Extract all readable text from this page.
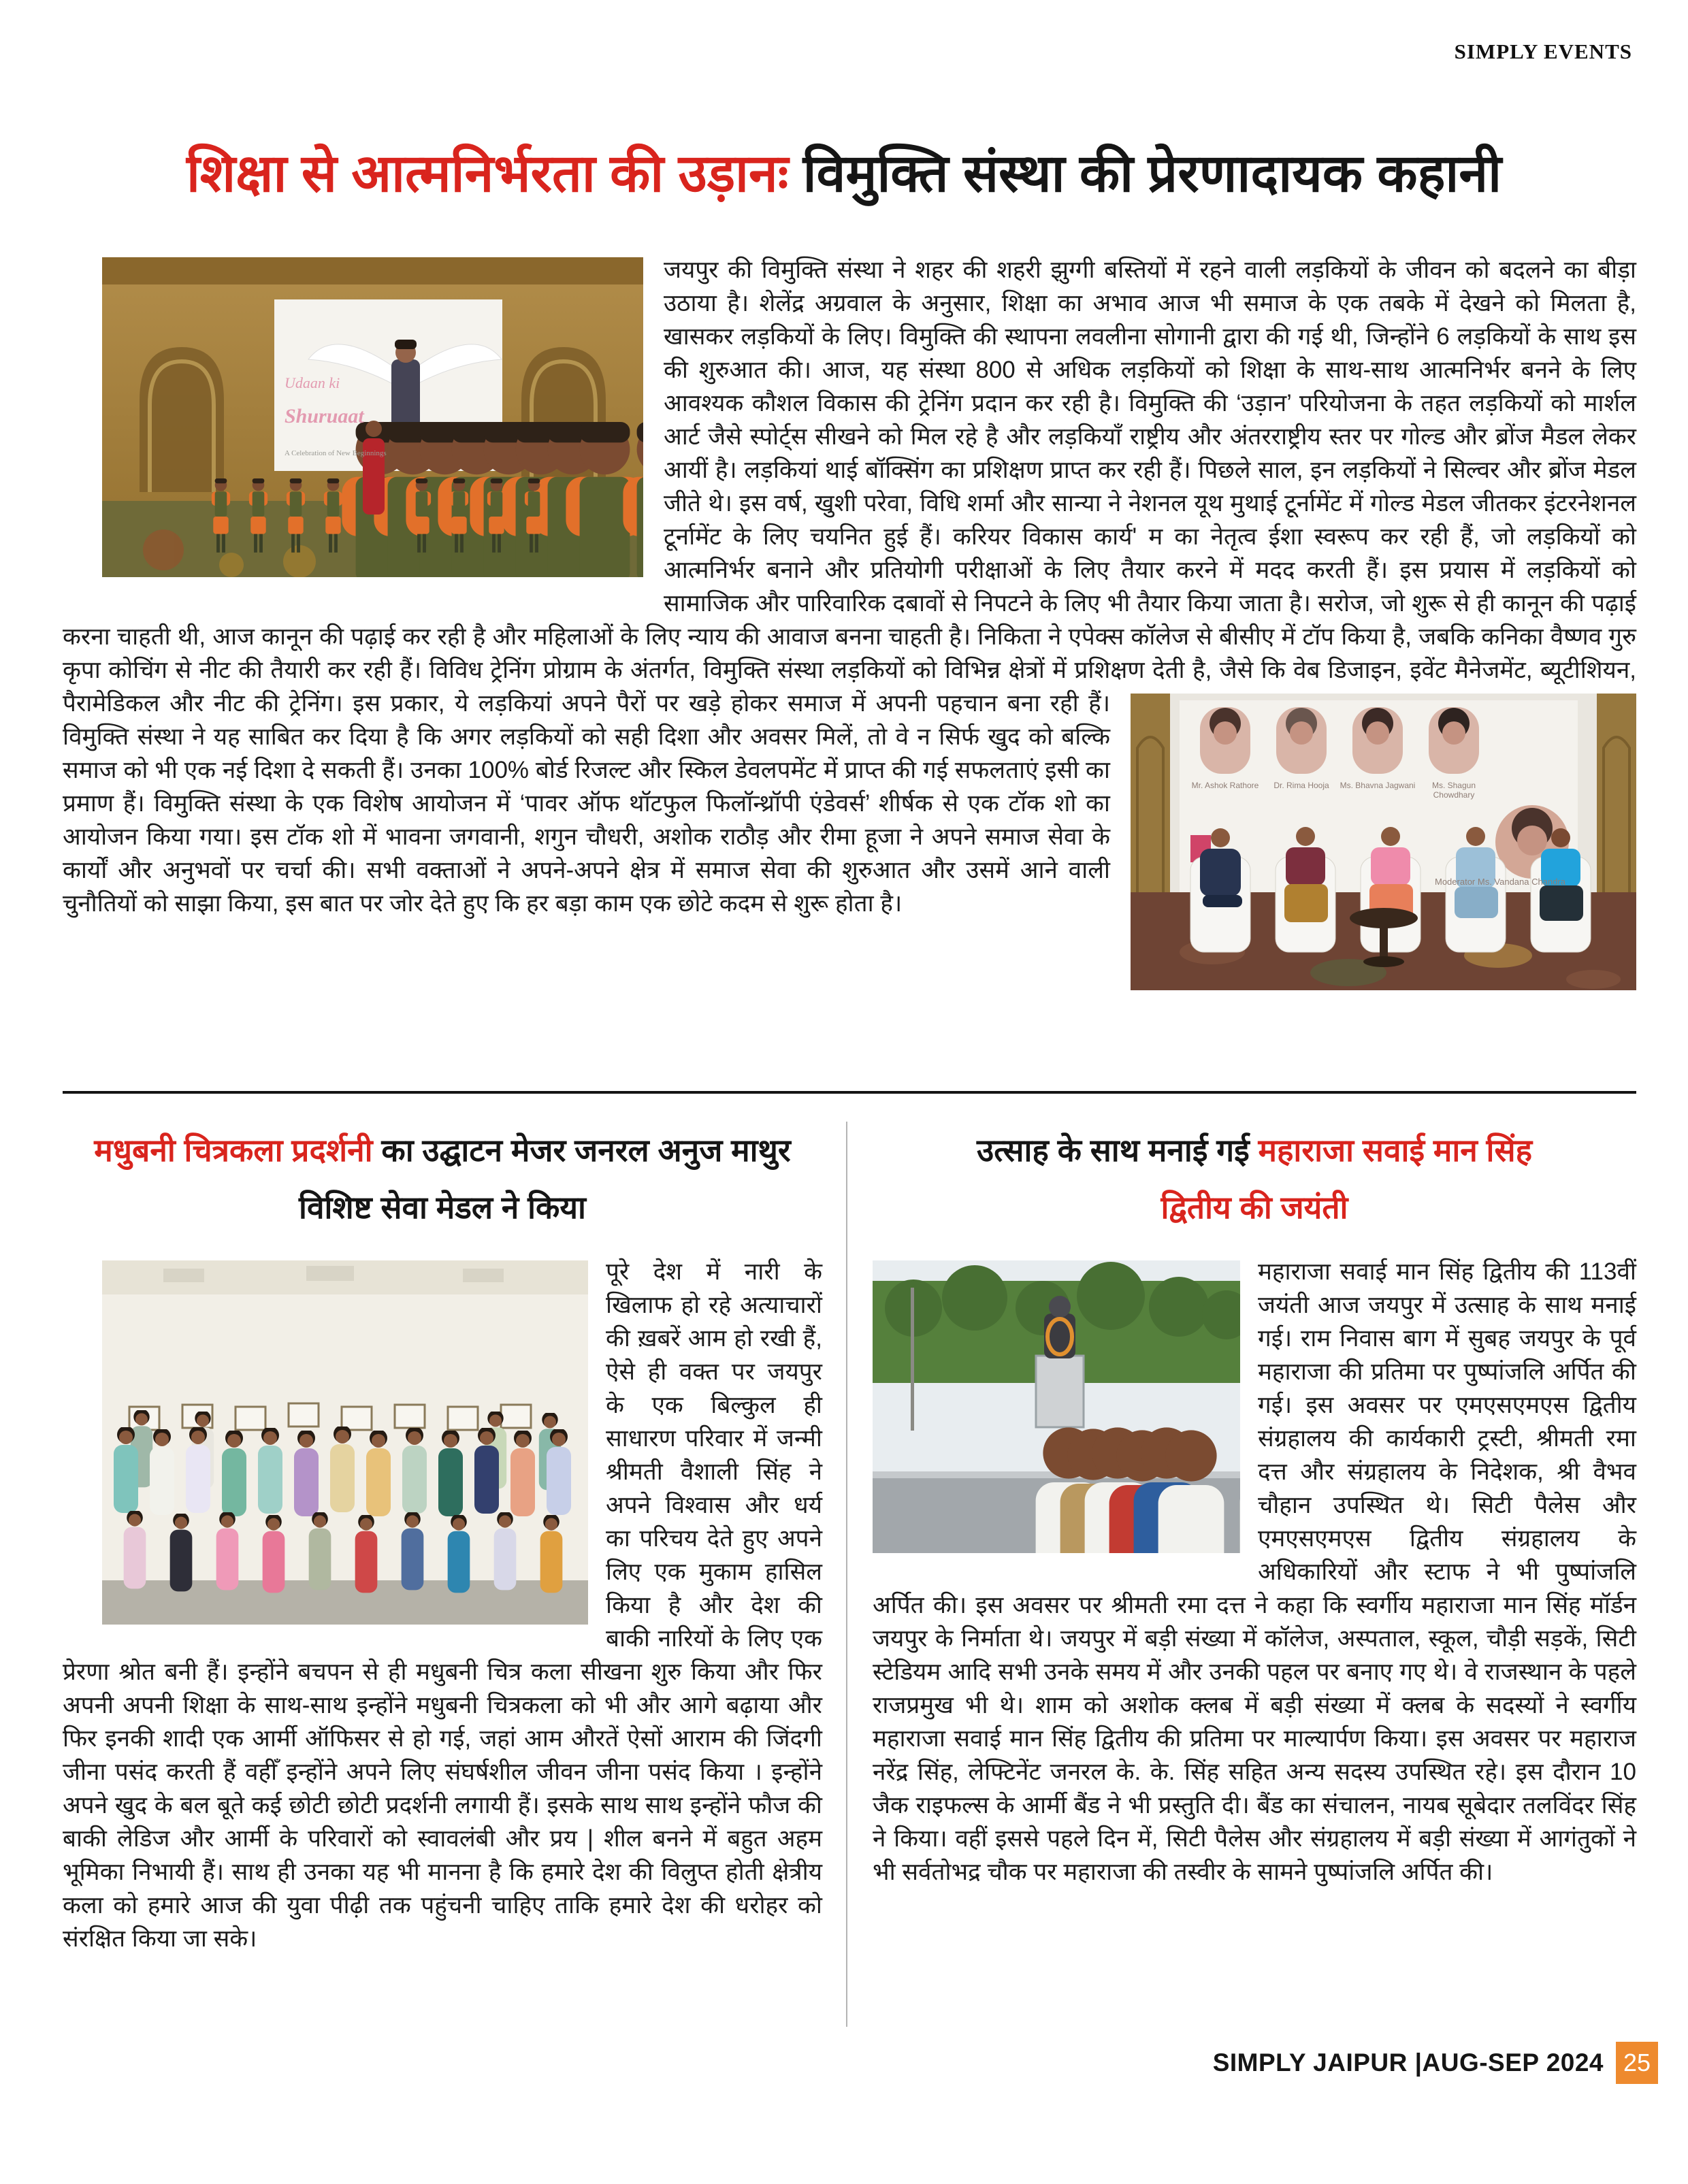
SIMPLY EVENTS
शिक्षा से आत्मनिर्भरता की उड़ानः विमुक्ति संस्था की प्रेरणादायक कहानी
Udaan ki
Shuruaat
A Celebration of New Beginnings
जयपुर की विमुक्ति संस्था ने शहर की शहरी झुग्गी बस्तियों में रहने वाली लड़कियों के जीवन को बदलने का बीड़ा उठाया है। शेलेंद्र अग्रवाल के अनुसार, शिक्षा का अभाव आज भी समाज के एक तबके में देखने को मिलता है, खासकर लड़कियों के लिए। विमुक्ति की स्थापना लवलीना सोगानी द्वारा की गई थी, जिन्होंने 6 लड़कियों के साथ इस की शुरुआत की। आज, यह संस्था 800 से अधिक लड़कियों को शिक्षा के साथ-साथ आत्मनिर्भर बनने के लिए आवश्यक कौशल विकास की ट्रेनिंग प्रदान कर रही है। विमुक्ति की ‘उड़ान’ परियोजना के तहत लड़कियों को मार्शल आर्ट जैसे स्पोर्ट्स सीखने को मिल रहे है और लड़कियाँ राष्ट्रीय और अंतरराष्ट्रीय स्तर पर गोल्ड और ब्रोंज मैडल लेकर आयीं है। लड़कियां थाई बॉक्सिंग का प्रशिक्षण प्राप्त कर रही हैं। पिछले साल, इन लड़कियों ने सिल्वर और ब्रोंज मेडल जीते थे। इस वर्ष, खुशी परेवा, विधि शर्मा और सान्या ने नेशनल यूथ मुथाई टूर्नामेंट में गोल्ड मेडल जीतकर इंटरनेशनल टूर्नामेंट के लिए चयनित हुई हैं। करियर विकास कार्य' म का नेतृत्व ईशा स्वरूप कर रही हैं, जो लड़कियों को आत्मनिर्भर बनाने और प्रतियोगी परीक्षाओं के लिए तैयार करने में मदद करती हैं। इस प्रयास में लड़कियों को सामाजिक और पारिवारिक दबावों से निपटने के लिए भी तैयार किया जाता है। सरोज, जो शुरू से ही कानून की पढ़ाई करना चाहती थी, आज कानून की पढ़ाई कर रही है और महिलाओं के लिए न्याय की आवाज बनना चाहती है। निकिता ने एपेक्स कॉलेज से बीसीए में टॉप किया है, जबकि कनिका वैष्णव गुरु कृपा कोचिंग से नीट की तैयारी कर रही हैं। विविध ट्रेनिंग प्रोग्राम के अंतर्गत, विमुक्ति संस्था लड़कियों को विभिन्न क्षेत्रों में प्रशिक्षण देती है, जैसे कि
Mr. Ashok Rathore	Dr. Rima Hooja	Ms. Bhavna Jagwani	Ms. Shagun Chowdhary
Moderator Ms. Vandana Chandra
वेब डिजाइन, इवेंट मैनेजमेंट, ब्यूटीशियन, पैरामेडिकल और नीट की ट्रेनिंग। इस प्रकार, ये लड़कियां अपने पैरों पर खड़े होकर समाज में अपनी पहचान बना रही हैं। विमुक्ति संस्था ने यह साबित कर दिया है कि अगर लड़कियों को सही दिशा और अवसर मिलें, तो वे न सिर्फ खुद को बल्कि समाज को भी एक नई दिशा दे सकती हैं। उनका 100% बोर्ड रिजल्ट और स्किल डेवलपमेंट में प्राप्त की गई सफलताएं इसी का प्रमाण हैं। विमुक्ति संस्था के एक विशेष आयोजन में ‘पावर ऑफ थॉटफुल फिलॉन्थ्रॉपी एंडेवर्स’ शीर्षक से एक टॉक शो का आयोजन किया गया। इस टॉक शो में भावना जगवानी, शगुन चौधरी, अशोक राठौड़ और रीमा हूजा ने अपने समाज सेवा के कार्यों और अनुभवों पर चर्चा की। सभी वक्ताओं ने अपने-अपने क्षेत्र में समाज सेवा की शुरुआत और उसमें आने वाली चुनौतियों को साझा किया, इस बात पर जोर देते हुए कि हर बड़ा काम एक छोटे कदम से शुरू होता है।
मधुबनी चित्रकला प्रदर्शनी का उद्घाटन मेजर जनरल अनुज माथुर
विशिष्ट सेवा मेडल ने किया
पूरे देश में नारी के खिलाफ हो रहे अत्याचारों की ख़बरें आम हो रखी हैं, ऐसे ही वक्त पर जयपुर के एक बिल्कुल ही साधारण परिवार में जन्मी श्रीमती वैशाली सिंह ने अपने विश्वास और धर्य का परिचय देते हुए अपने लिए एक मुकाम हासिल किया है और देश की बाकी नारियों के लिए एक प्रेरणा श्रोत बनी हैं। इन्होंने बचपन से ही मधुबनी चित्र कला सीखना शुरु किया और फिर अपनी अपनी शिक्षा के साथ-साथ इन्होंने मधुबनी चित्रकला को भी और आगे बढ़ाया और फिर इनकी शादी एक आर्मी ऑफिसर से हो गई, जहां आम औरतें ऐसों आराम की जिंदगी जीना पसंद करती हैं वहीँ इन्होंने अपने लिए संघर्षशील जीवन जीना पसंद किया । इन्होंने अपने खुद के बल बूते कई छोटी छोटी प्रदर्शनी लगायी हैं। इसके साथ साथ इन्होंने फौज की बाकी लेडिज और आर्मी के परिवारों को स्वावलंबी और प्रय | शील बनने में बहुत अहम भूमिका निभायी हैं। साथ ही उनका यह भी मानना है कि हमारे देश की विलुप्त होती क्षेत्रीय कला को हमारे आज की युवा पीढ़ी तक पहुंचनी चाहिए ताकि हमारे देश की धरोहर को संरक्षित किया जा सके।
उत्साह के साथ मनाई गई महाराजा सवाई मान सिंह
द्वितीय की जयंती
महाराजा सवाई मान सिंह द्वितीय की 113वीं जयंती आज जयपुर में उत्साह के साथ मनाई गई। राम निवास बाग में सुबह जयपुर के पूर्व महाराजा की प्रतिमा पर पुष्पांजलि अर्पित की गई। इस अवसर पर एमएसएमएस द्वितीय संग्रहालय की कार्यकारी ट्रस्टी, श्रीमती रमा दत्त और संग्रहालय के निदेशक, श्री वैभव चौहान उपस्थित थे। सिटी पैलेस और एमएसएमएस द्वितीय संग्रहालय के अधिकारियों और स्टाफ ने भी पुष्पांजलि अर्पित की। इस अवसर पर श्रीमती रमा दत्त ने कहा कि स्वर्गीय महाराजा मान सिंह मॉर्डन जयपुर के निर्माता थे। जयपुर में बड़ी संख्या में कॉलेज, अस्पताल, स्कूल, चौड़ी सड़कें, सिटी स्टेडियम आदि सभी उनके समय में और उनकी पहल पर बनाए गए थे। वे राजस्थान के पहले राजप्रमुख भी थे। शाम को अशोक क्लब में बड़ी संख्या में क्लब के सदस्यों ने स्वर्गीय महाराजा सवाई मान सिंह द्वितीय की प्रतिमा पर माल्यार्पण किया। इस अवसर पर महाराज नरेंद्र सिंह, लेफ्टिनेंट जनरल के. के. सिंह सहित अन्य सदस्य उपस्थित रहे। इस दौरान 10 जैक राइफल्स के आर्मी बैंड ने भी प्रस्तुति दी। बैंड का संचालन, नायब सूबेदार तलविंदर सिंह ने किया। वहीं इससे पहले दिन में, सिटी पैलेस और संग्रहालय में बड़ी संख्या में आगंतुकों ने भी सर्वतोभद्र चौक पर महाराजा की तस्वीर के सामने पुष्पांजलि अर्पित की।
SIMPLY JAIPUR |AUG-SEP 2024 25
